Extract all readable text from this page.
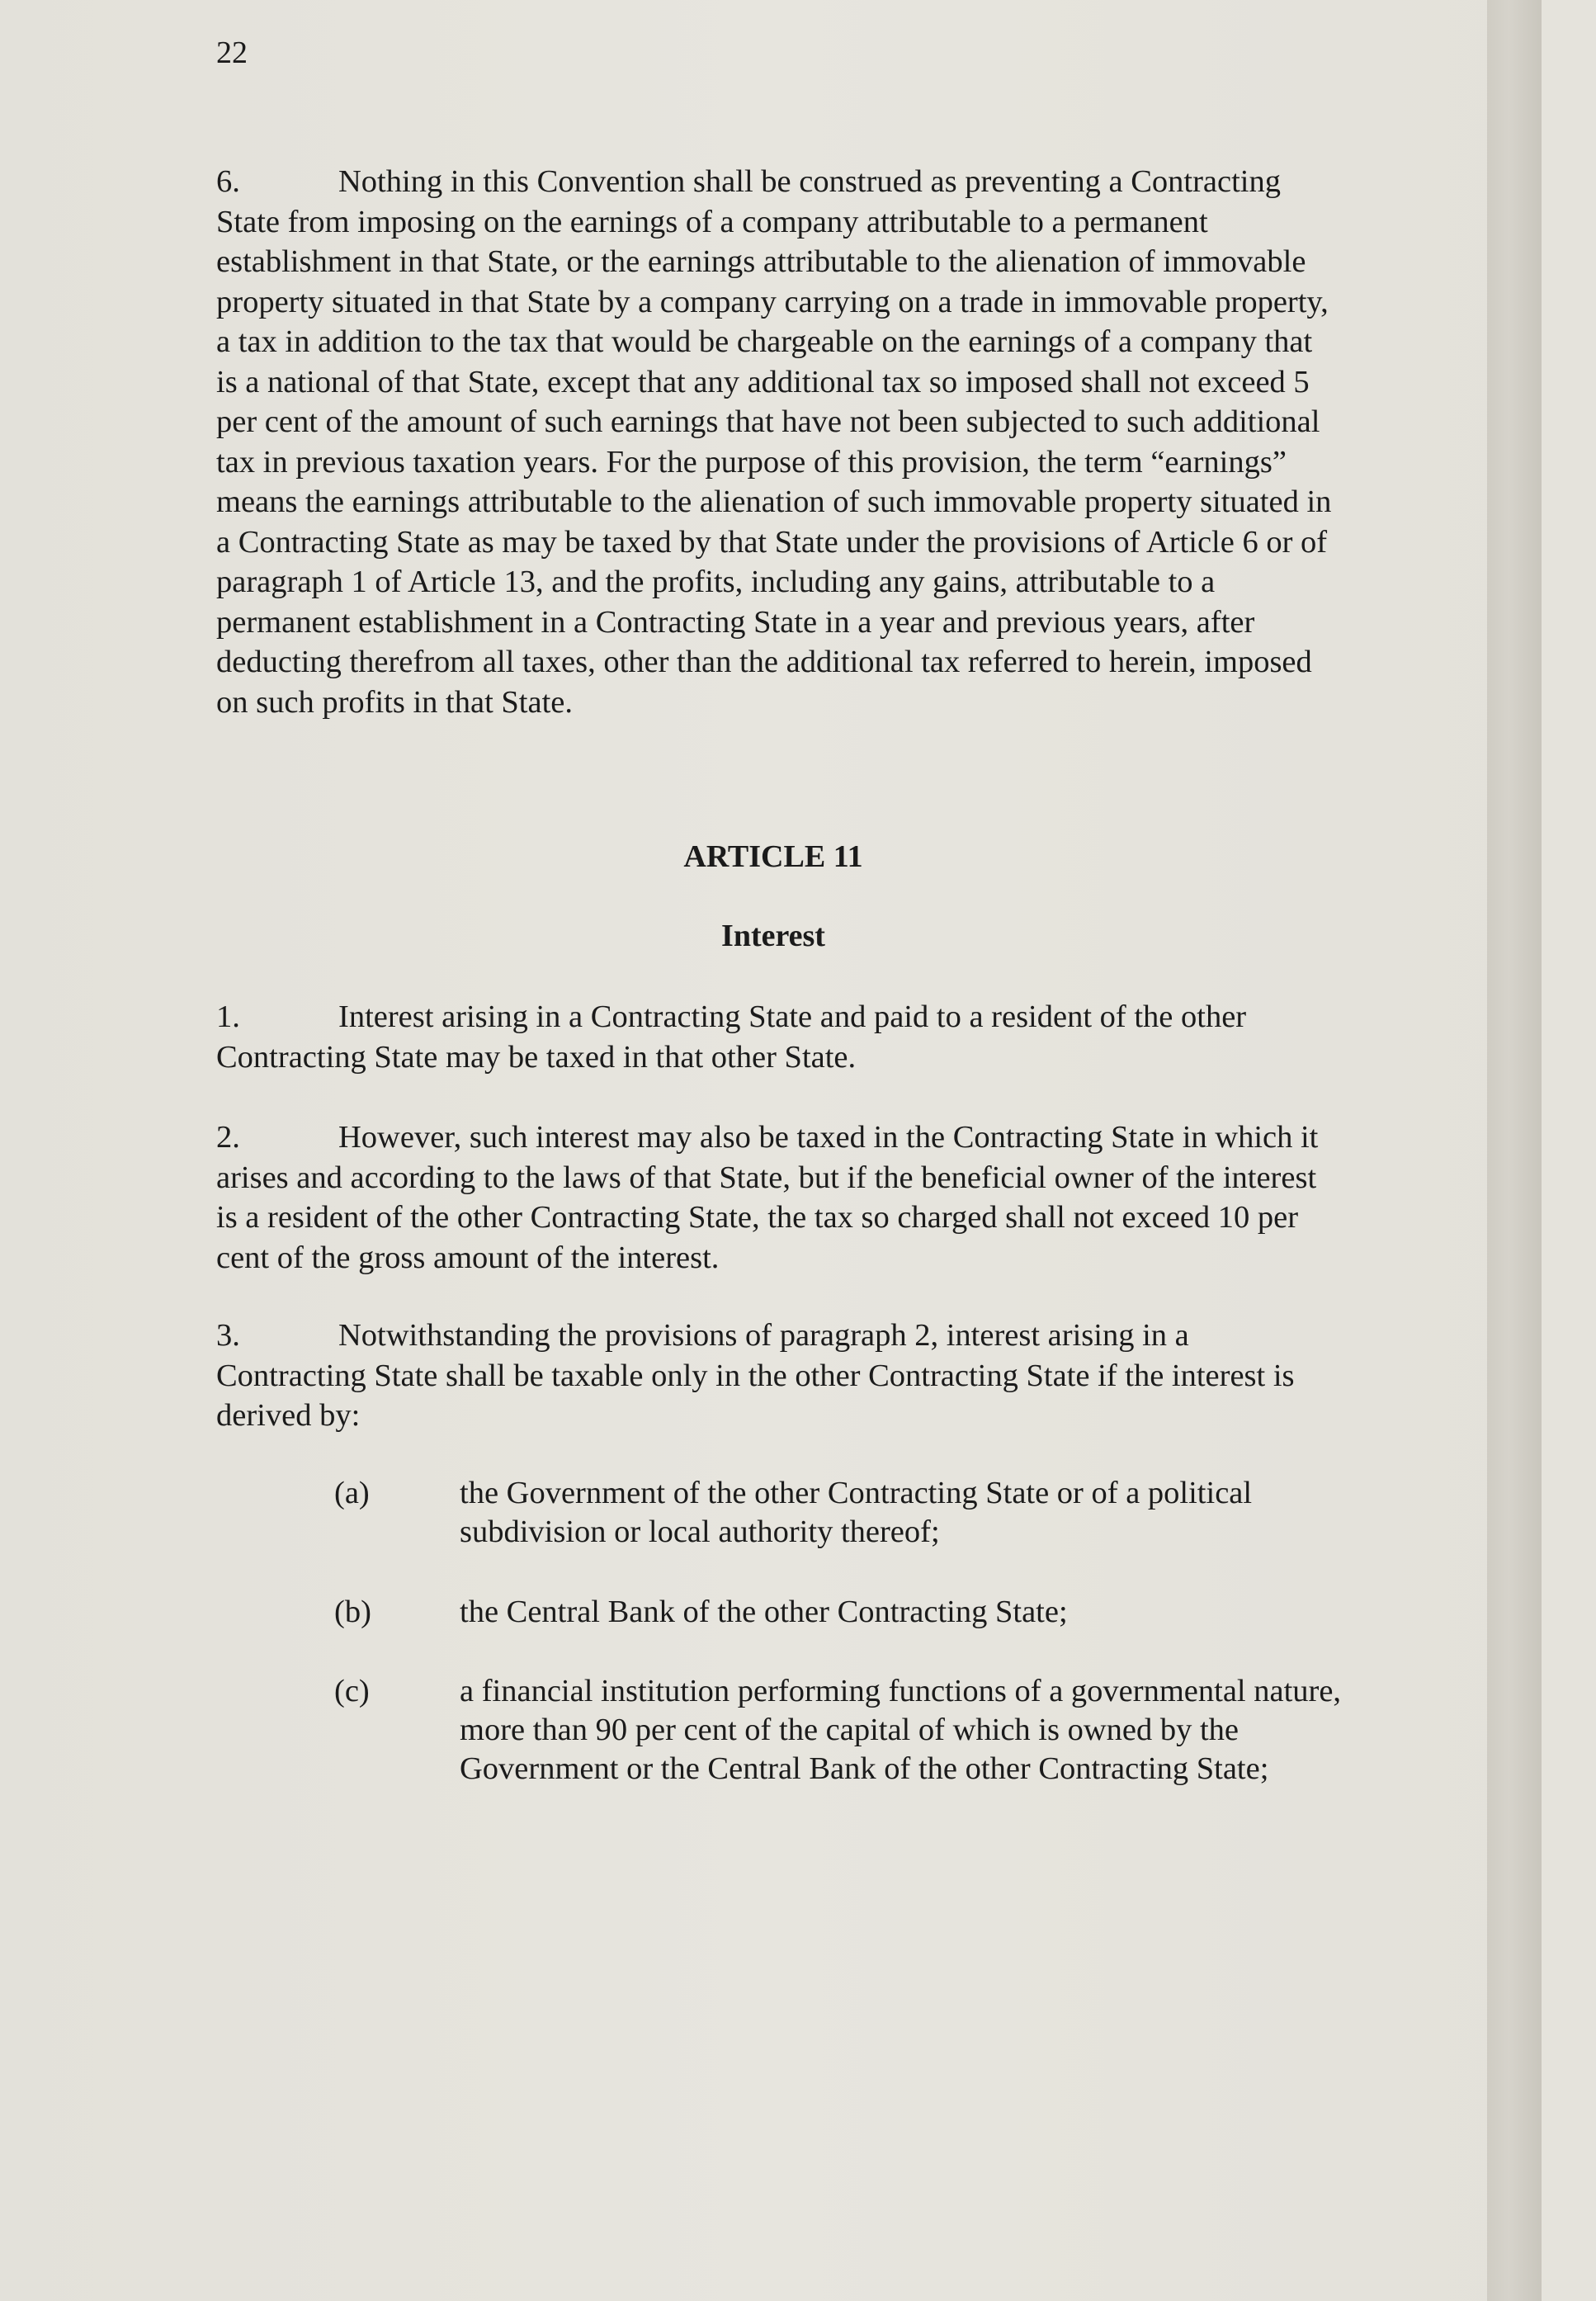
22

6.	Nothing in this Convention shall be construed as preventing a Contracting State from imposing on the earnings of a company attributable to a permanent establishment in that State, or the earnings attributable to the alienation of immovable property situated in that State by a company carrying on a trade in immovable property, a tax in addition to the tax that would be chargeable on the earnings of a company that is a national of that State, except that any additional tax so imposed shall not exceed 5 per cent of the amount of such earnings that have not been subjected to such additional tax in previous taxation years. For the purpose of this provision, the term “earnings” means the earnings attributable to the alienation of such immovable property situated in a Contracting State as may be taxed by that State under the provisions of Article 6 or of paragraph 1 of Article 13, and the profits, including any gains, attributable to a permanent establishment in a Contracting State in a year and previous years, after deducting therefrom all taxes, other than the additional tax referred to herein, imposed on such profits in that State.

ARTICLE 11
Interest

1.	Interest arising in a Contracting State and paid to a resident of the other Contracting State may be taxed in that other State.

2.	However, such interest may also be taxed in the Contracting State in which it arises and according to the laws of that State, but if the beneficial owner of the interest is a resident of the other Contracting State, the tax so charged shall not exceed 10 per cent of the gross amount of the interest.

3.	Notwithstanding the provisions of paragraph 2, interest arising in a Contracting State shall be taxable only in the other Contracting State if the interest is derived by:

(a)	the Government of the other Contracting State or of a political subdivision or local authority thereof;
(b)	the Central Bank of the other Contracting State;
(c)	a financial institution performing functions of a governmental nature, more than 90 per cent of the capital of which is owned by the Government or the Central Bank of the other Contracting State;
